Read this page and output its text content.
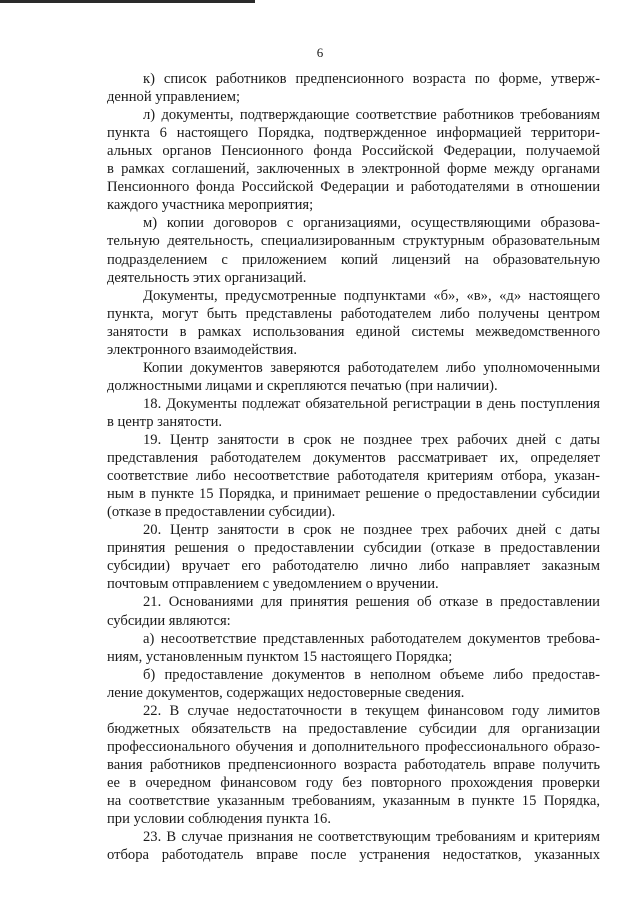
6
к) список работников предпенсионного возраста по форме, утверж-
денной управлением;
л) документы, подтверждающие соответствие работников требованиям
пункта 6 настоящего Порядка, подтвержденное информацией территори-
альных органов Пенсионного фонда Российской Федерации, получаемой
в рамках соглашений, заключенных в электронной форме между органами
Пенсионного фонда Российской Федерации и работодателями в отношении
каждого участника мероприятия;
м) копии договоров с организациями, осуществляющими образова-
тельную деятельность, специализированным структурным образовательным
подразделением с приложением копий лицензий на образовательную
деятельность этих организаций.
Документы, предусмотренные подпунктами «б», «в», «д» настоящего
пункта, могут быть представлены работодателем либо получены центром
занятости в рамках использования единой системы межведомственного
электронного взаимодействия.
Копии документов заверяются работодателем либо уполномоченными
должностными лицами и скрепляются печатью (при наличии).
18. Документы подлежат обязательной регистрации в день поступления
в центр занятости.
19. Центр занятости в срок не позднее трех рабочих дней с даты
представления работодателем документов рассматривает их, определяет
соответствие либо несоответствие работодателя критериям отбора, указан-
ным в пункте 15 Порядка, и принимает решение о предоставлении субсидии
(отказе в предоставлении субсидии).
20. Центр занятости в срок не позднее трех рабочих дней с даты
принятия решения о предоставлении субсидии (отказе в предоставлении
субсидии) вручает его работодателю лично либо направляет заказным
почтовым отправлением с уведомлением о вручении.
21. Основаниями для принятия решения об отказе в предоставлении
субсидии являются:
а) несоответствие представленных работодателем документов требова-
ниям, установленным пунктом 15 настоящего Порядка;
б) предоставление документов в неполном объеме либо предостав-
ление документов, содержащих недостоверные сведения.
22. В случае недостаточности в текущем финансовом году лимитов
бюджетных обязательств на предоставление субсидии для организации
профессионального обучения и дополнительного профессионального образо-
вания работников предпенсионного возраста работодатель вправе получить
ее в очередном финансовом году без повторного прохождения проверки
на соответствие указанным требованиям, указанным в пункте 15 Порядка,
при условии соблюдения пункта 16.
23. В случае признания не соответствующим требованиям и критериям
отбора работодатель вправе после устранения недостатков, указанных
